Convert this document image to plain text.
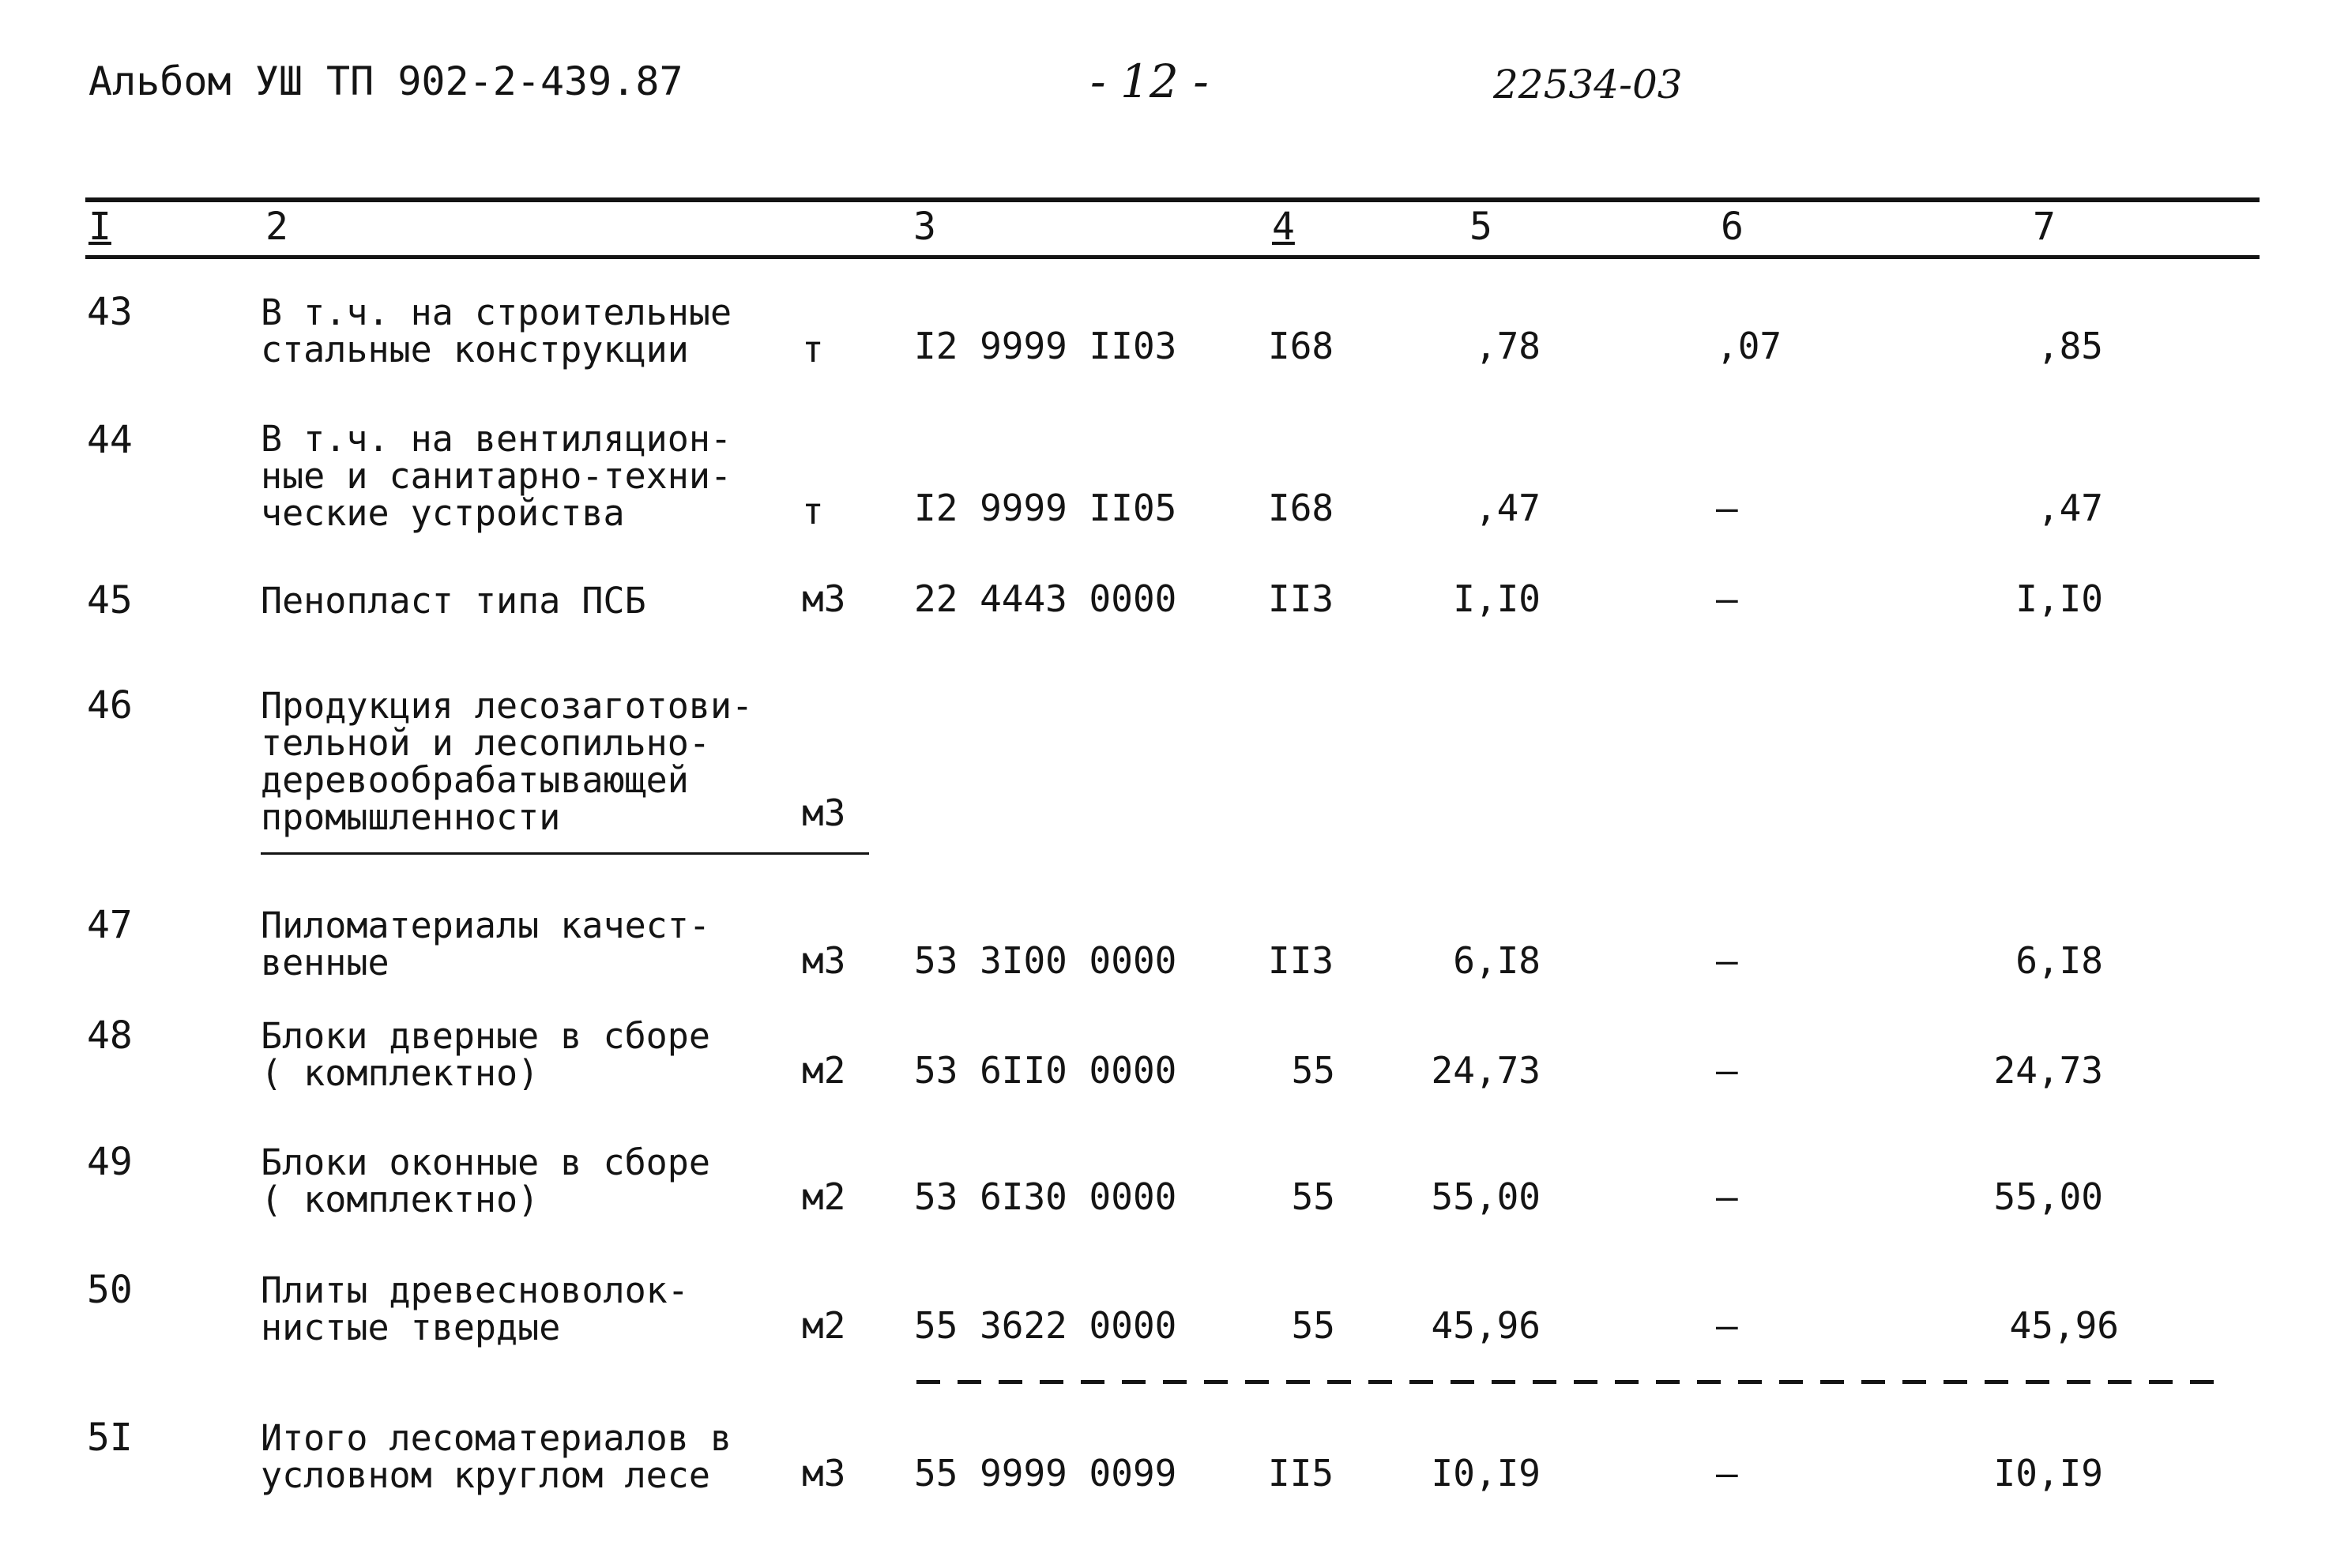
Альбом УШ ТП 902-2-439.87	- 12 -	22534-03
I	2	3	4	5	6	7
43	В т.ч. на строительные
стальные конструкции	т I2 9999 II03	I68	,78	,07	,85
44	В т.ч. на вентиляцион-
ные и санитарно-техни-
ческие устройства	т I2 9999 II05	I68	,47	–	,47
45	Пенопласт типа ПСБ	м3 22 4443 0000	II3	I,I0	–	I,I0
46	Продукция лесозаготови-
тельной и лесопильно-
деревообрабатывающей
промышленности	м3
47	Пиломатериалы качест-
венные	м3 53 3I00 0000	II3	6,I8	–	6,I8
48	Блоки дверные в сборе
( комплектно)	м2 53 6II0 0000	55	24,73	–	24,73
49	Блоки оконные в сборе
( комплектно)	м2 53 6I30 0000	55	55,00	–	55,00
50	Плиты древесноволок-
нистые твердые	м2 55 3622 0000	55	45,96	–	45,96
5I	Итого лесоматериалов в
условном круглом лесе	м3 55 9999 0099	II5	I0,I9	–	I0,I9
